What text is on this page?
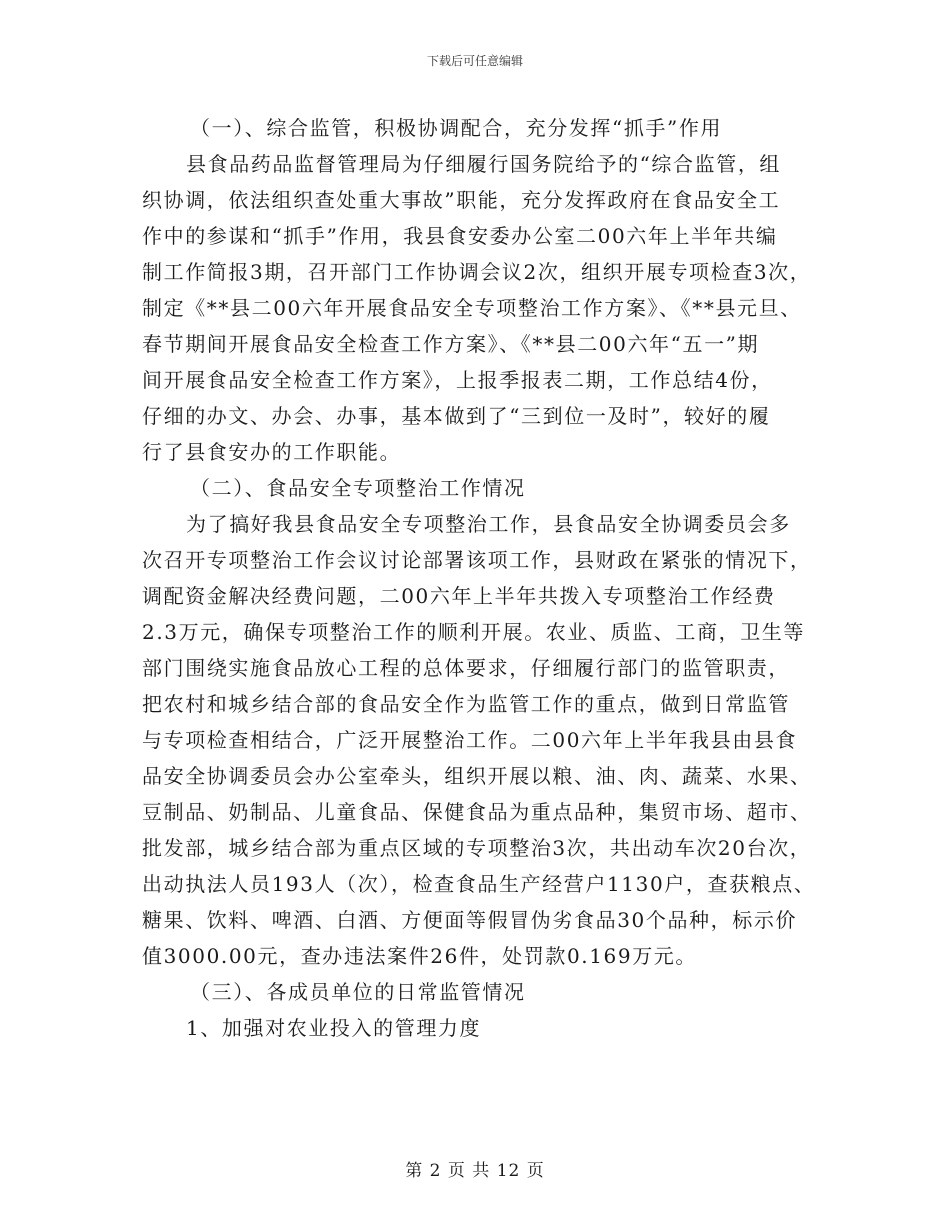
下载后可任意编辑
（一）、综合监管，积极协调配合，充分发挥“抓手”作用
县食品药品监督管理局为仔细履行国务院给予的“综合监管，组
织协调，依法组织查处重大事故”职能，充分发挥政府在食品安全工
作中的参谋和“抓手”作用，我县食安委办公室二00六年上半年共编
制工作简报3期，召开部门工作协调会议2次，组织开展专项检查3次，
制定《**县二00六年开展食品安全专项整治工作方案》、《**县元旦、
春节期间开展食品安全检查工作方案》、《**县二00六年“五一”期
间开展食品安全检查工作方案》，上报季报表二期，工作总结4份，
仔细的办文、办会、办事，基本做到了“三到位一及时”，较好的履
行了县食安办的工作职能。
（二）、食品安全专项整治工作情况
为了搞好我县食品安全专项整治工作，县食品安全协调委员会多
次召开专项整治工作会议讨论部署该项工作，县财政在紧张的情况下，
调配资金解决经费问题，二00六年上半年共拨入专项整治工作经费
2.3万元，确保专项整治工作的顺利开展。农业、质监、工商，卫生等
部门围绕实施食品放心工程的总体要求，仔细履行部门的监管职责，
把农村和城乡结合部的食品安全作为监管工作的重点，做到日常监管
与专项检查相结合，广泛开展整治工作。二00六年上半年我县由县食
品安全协调委员会办公室牵头，组织开展以粮、油、肉、蔬菜、水果、
豆制品、奶制品、儿童食品、保健食品为重点品种，集贸市场、超市、
批发部，城乡结合部为重点区域的专项整治3次，共出动车次20台次，
出动执法人员193人（次），检查食品生产经营户1130户，查获粮点、
糖果、饮料、啤酒、白酒、方便面等假冒伪劣食品30个品种，标示价
值3000.00元，查办违法案件26件，处罚款0.169万元。
（三）、各成员单位的日常监管情况
1、加强对农业投入的管理力度
第 2 页 共 12 页
